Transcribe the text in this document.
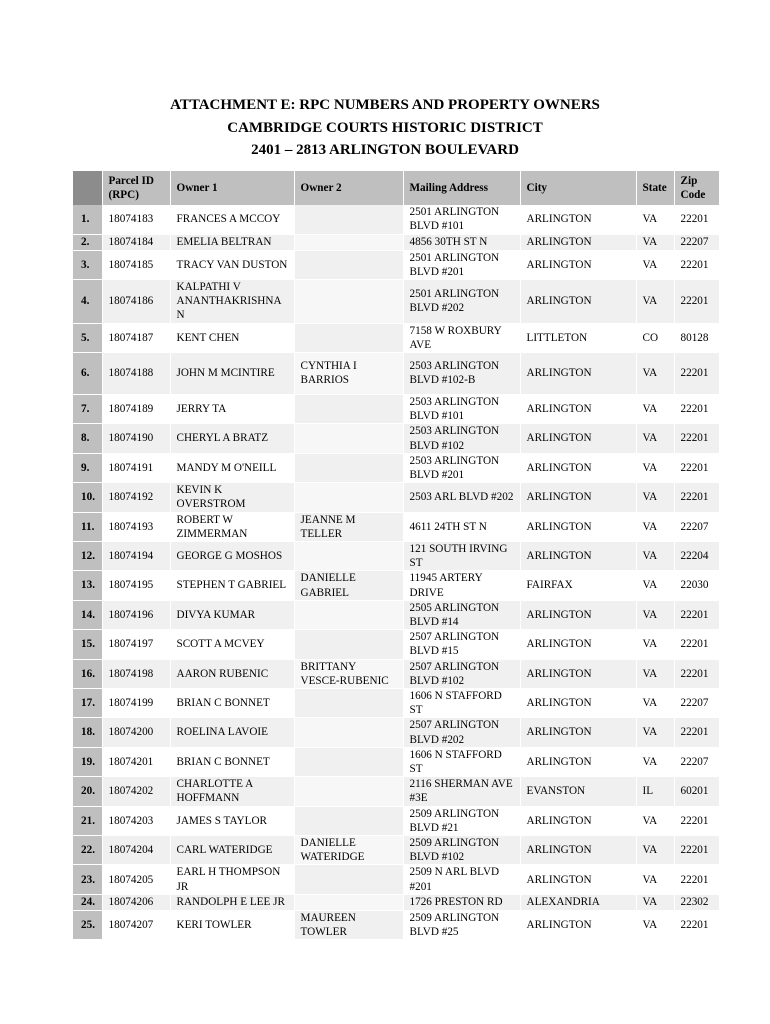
ATTACHMENT E: RPC NUMBERS AND PROPERTY OWNERS
CAMBRIDGE COURTS HISTORIC DISTRICT
2401 – 2813 ARLINGTON BOULEVARD
	Parcel ID (RPC)	Owner 1	Owner 2	Mailing Address	City	State	Zip Code
1.	18074183	FRANCES A MCCOY		2501 ARLINGTON BLVD #101	ARLINGTON	VA	22201
2.	18074184	EMELIA BELTRAN		4856 30TH ST N	ARLINGTON	VA	22207
3.	18074185	TRACY VAN DUSTON		2501 ARLINGTON BLVD #201	ARLINGTON	VA	22201
4.	18074186	KALPATHI V ANANTHAKRISHNA N		2501 ARLINGTON BLVD #202	ARLINGTON	VA	22201
5.	18074187	KENT CHEN		7158 W ROXBURY AVE	LITTLETON	CO	80128
6.	18074188	JOHN M MCINTIRE	CYNTHIA I BARRIOS	2503 ARLINGTON BLVD #102-B	ARLINGTON	VA	22201
7.	18074189	JERRY TA		2503 ARLINGTON BLVD #101	ARLINGTON	VA	22201
8.	18074190	CHERYL A BRATZ		2503 ARLINGTON BLVD #102	ARLINGTON	VA	22201
9.	18074191	MANDY M O'NEILL		2503 ARLINGTON BLVD #201	ARLINGTON	VA	22201
10.	18074192	KEVIN K OVERSTROM		2503 ARL BLVD #202	ARLINGTON	VA	22201
11.	18074193	ROBERT W ZIMMERMAN	JEANNE M TELLER	4611 24TH ST N	ARLINGTON	VA	22207
12.	18074194	GEORGE G MOSHOS		121 SOUTH IRVING ST	ARLINGTON	VA	22204
13.	18074195	STEPHEN T GABRIEL	DANIELLE GABRIEL	11945 ARTERY DRIVE	FAIRFAX	VA	22030
14.	18074196	DIVYA KUMAR		2505 ARLINGTON BLVD #14	ARLINGTON	VA	22201
15.	18074197	SCOTT A MCVEY		2507 ARLINGTON BLVD #15	ARLINGTON	VA	22201
16.	18074198	AARON RUBENIC	BRITTANY VESCE-RUBENIC	2507 ARLINGTON BLVD #102	ARLINGTON	VA	22201
17.	18074199	BRIAN C BONNET		1606 N STAFFORD ST	ARLINGTON	VA	22207
18.	18074200	ROELINA LAVOIE		2507 ARLINGTON BLVD #202	ARLINGTON	VA	22201
19.	18074201	BRIAN C BONNET		1606 N STAFFORD ST	ARLINGTON	VA	22207
20.	18074202	CHARLOTTE A HOFFMANN		2116 SHERMAN AVE #3E	EVANSTON	IL	60201
21.	18074203	JAMES S TAYLOR		2509 ARLINGTON BLVD #21	ARLINGTON	VA	22201
22.	18074204	CARL WATERIDGE	DANIELLE WATERIDGE	2509 ARLINGTON BLVD #102	ARLINGTON	VA	22201
23.	18074205	EARL H THOMPSON JR		2509 N ARL BLVD #201	ARLINGTON	VA	22201
24.	18074206	RANDOLPH E LEE JR		1726 PRESTON RD	ALEXANDRIA	VA	22302
25.	18074207	KERI TOWLER	MAUREEN TOWLER	2509 ARLINGTON BLVD #25	ARLINGTON	VA	22201
